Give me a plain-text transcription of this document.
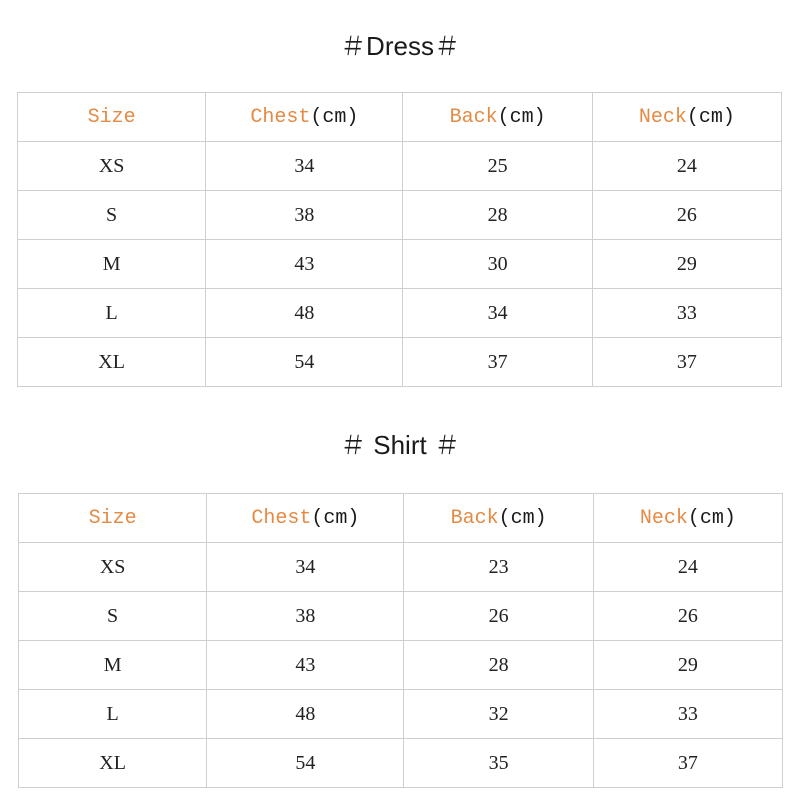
＃Dress＃
Size	Chest(cm)	Back(cm)	Neck(cm)
XS	34	25	24
S	38	28	26
M	43	30	29
L	48	34	33
XL	54	37	37
＃ Shirt ＃
Size	Chest(cm)	Back(cm)	Neck(cm)
XS	34	23	24
S	38	26	26
M	43	28	29
L	48	32	33
XL	54	35	37
